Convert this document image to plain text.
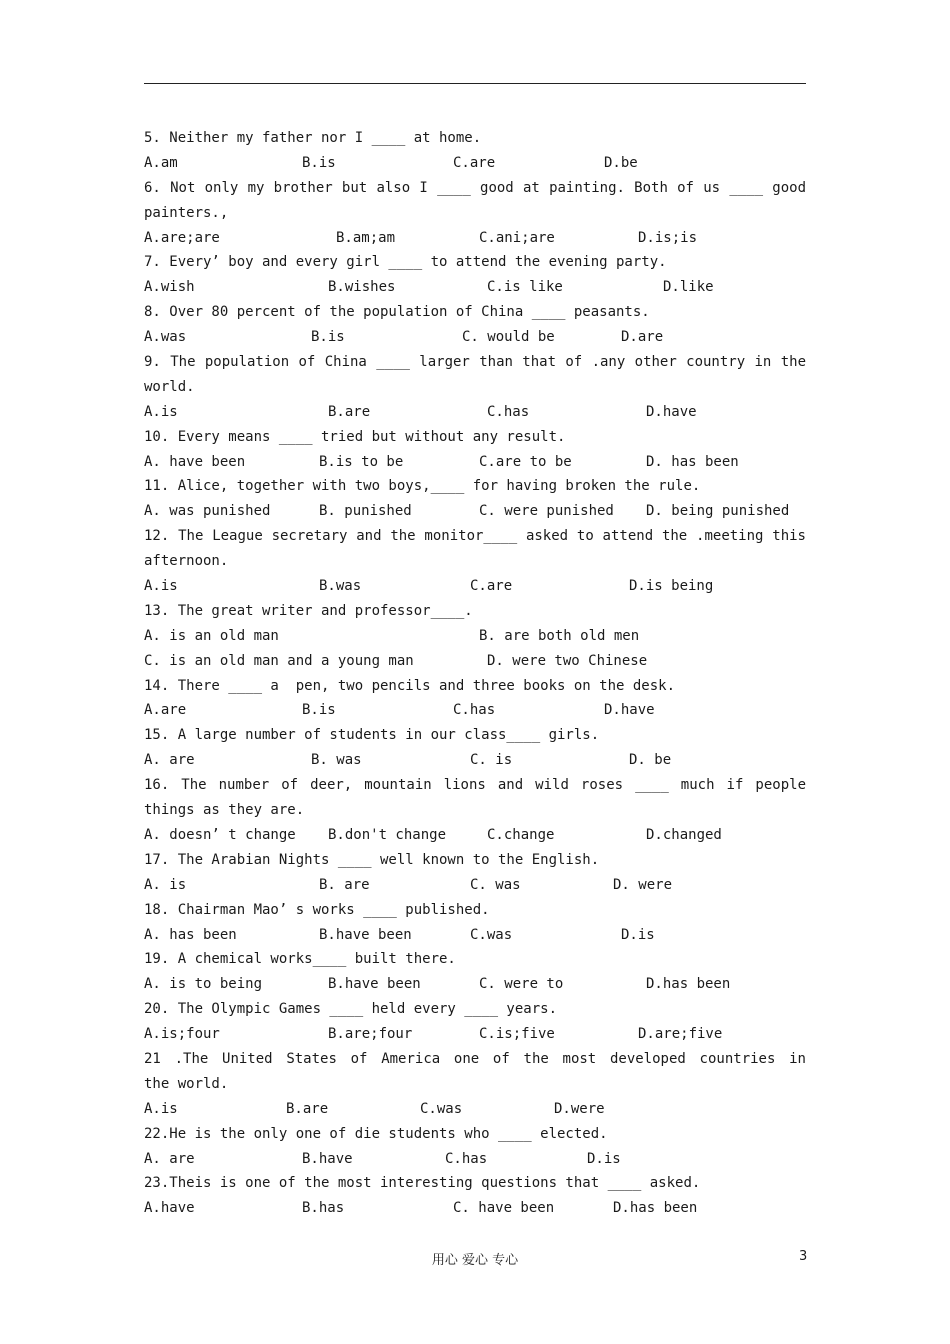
5. Neither my father nor I ____ at home.
A.am	B.is	C.are	D.be
6. Not only my brother but also I ____ good at painting. Both of us ____ good
painters.,
A.are;are	B.am;am	C.ani;are	D.is;is
7. Every’ boy and every girl ____ to attend the evening party.
A.wish	B.wishes	C.is like	D.like
8. Over 80 percent of the population of China ____ peasants.
A.was	B.is	C. would be	D.are
9. The population of China ____ larger than that of .any other country in the
world.
A.is	B.are	C.has	D.have
10. Every means ____ tried but without any result.
A. have been	B.is to be	C.are to be	D. has been
11. Alice, together with two boys,____ for having broken the rule.
A. was punished	B. punished	C. were punished D. being punished
12. The League secretary and the monitor____ asked to attend the .meeting this
afternoon.
A.is	B.was	C.are	D.is being
13. The great writer and professor____.
A. is an old man	B. are both old men
C. is an old man and a young man	D. were two Chinese
14. There ____ a  pen, two pencils and three books on the desk.
A.are	B.is	C.has	D.have
15. A large number of students in our class____ girls.
A. are	B. was	C. is	D. be
16. The number of deer, mountain lions and wild roses ____ much if people
things as they are.
A. doesn’ t change B.don't change	C.change	D.changed
17. The Arabian Nights ____ well known to the English.
A. is	B. are	C. was	D. were
18. Chairman Mao’ s works ____ published.
A. has been	B.have been	C.was	D.is
19. A chemical works____ built there.
A. is to being	B.have been	C. were to	D.has been
20. The Olympic Games ____ held every ____ years.
A.is;four	B.are;four	C.is;five	D.are;five
21 .The United States of America one of the most developed countries in
the world.
A.is	B.are	C.was	D.were
22.He is the only one of die students who ____ elected.
A. are	B.have	C.has	D.is
23.Theis is one of the most interesting questions that ____ asked.
A.have	B.has	C. have been	D.has been
用心 爱心 专心	3
